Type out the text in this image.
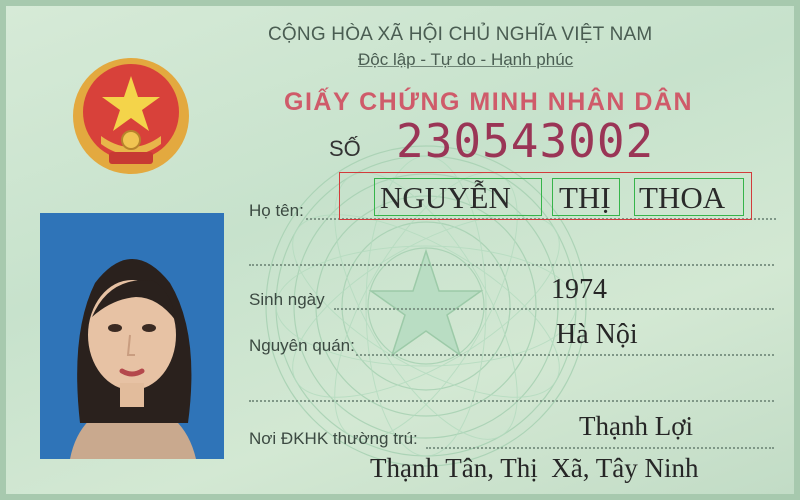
CỘNG HÒA XÃ HỘI CHỦ NGHĨA VIỆT NAM
Độc lập - Tự do - Hạnh phúc
GIẤY CHỨNG MINH NHÂN DÂN
SỐ 230543002
Họ tên: NGUYỄN THỊ THOA
Sinh ngày	1974
Nguyên quán:	Hà Nội
Nơi ĐKHK thường trú:	Thạnh Lợi
Thạnh Tân, Thị  Xã, Tây Ninh
